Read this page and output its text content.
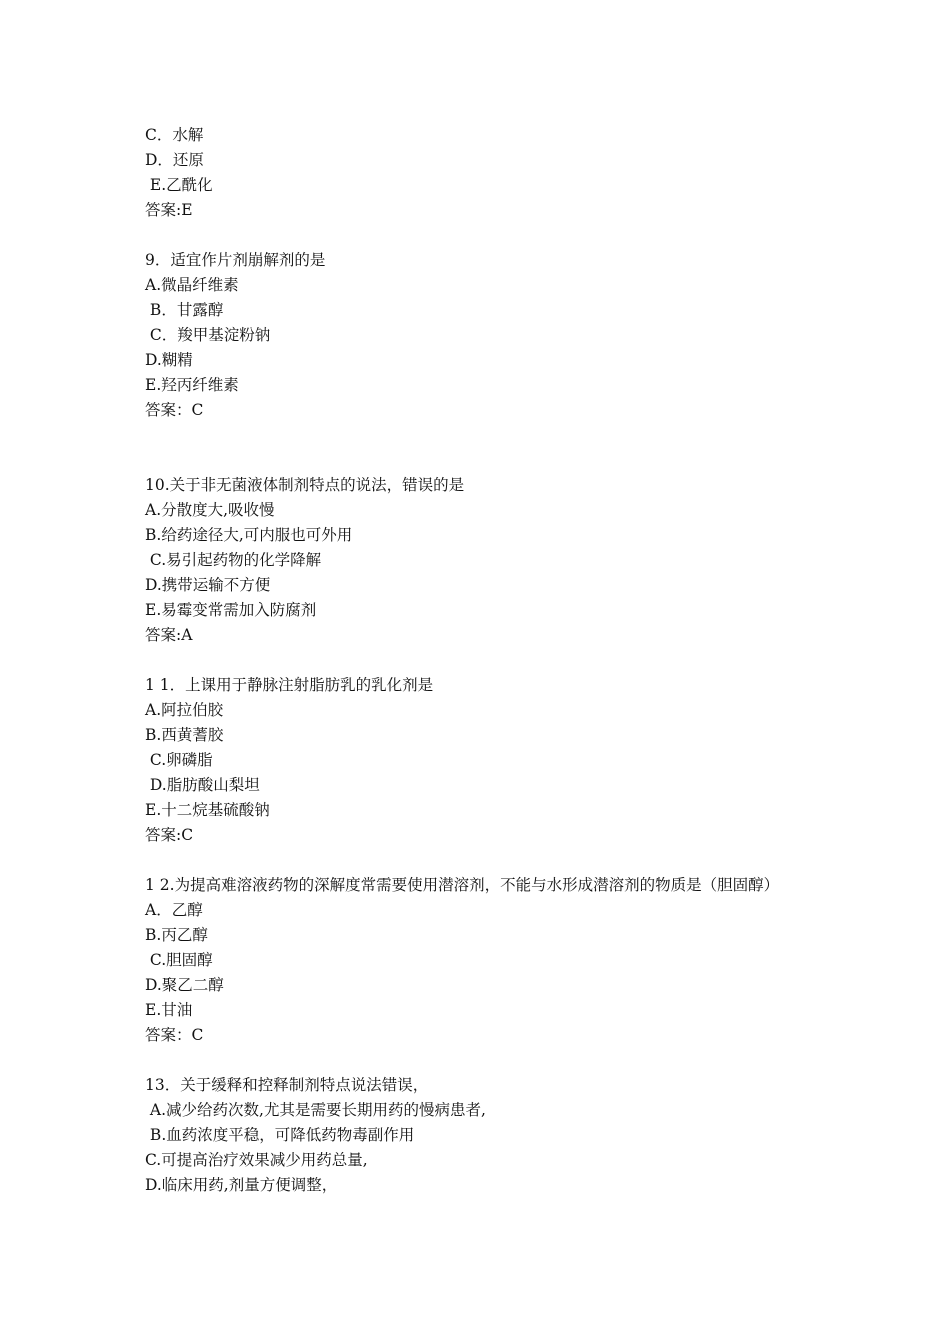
C．水解

D．还原

E.乙酰化

答案:E

9．适宜作片剂崩解剂的是

A.微晶纤维素

B．甘露醇

C．羧甲基淀粉钠

D.糊精

E.羟丙纤维素

答案：C

10.关于非无菌液体制剂特点的说法，错误的是

A.分散度大,吸收慢

B.给药途径大,可内服也可外用

C.易引起药物的化学降解

D.携带运输不方便

E.易霉变常需加入防腐剂

答案:A

1 1．上课用于静脉注射脂肪乳的乳化剂是

A.阿拉伯胶

B.西黄蓍胶

C.卵磷脂

D.脂肪酸山梨坦

E.十二烷基硫酸钠

答案:C

1 2.为提高难溶液药物的深解度常需要使用潜溶剂，不能与水形成潜溶剂的物质是（胆固醇）

A．乙醇

B.丙乙醇

C.胆固醇

D.聚乙二醇

E.甘油

答案：C

13．关于缓释和控释制剂特点说法错误，

A.减少给药次数,尤其是需要长期用药的慢病患者,

B.血药浓度平稳，可降低药物毒副作用

C.可提高治疗效果减少用药总量,

D.临床用药,剂量方便调整，
